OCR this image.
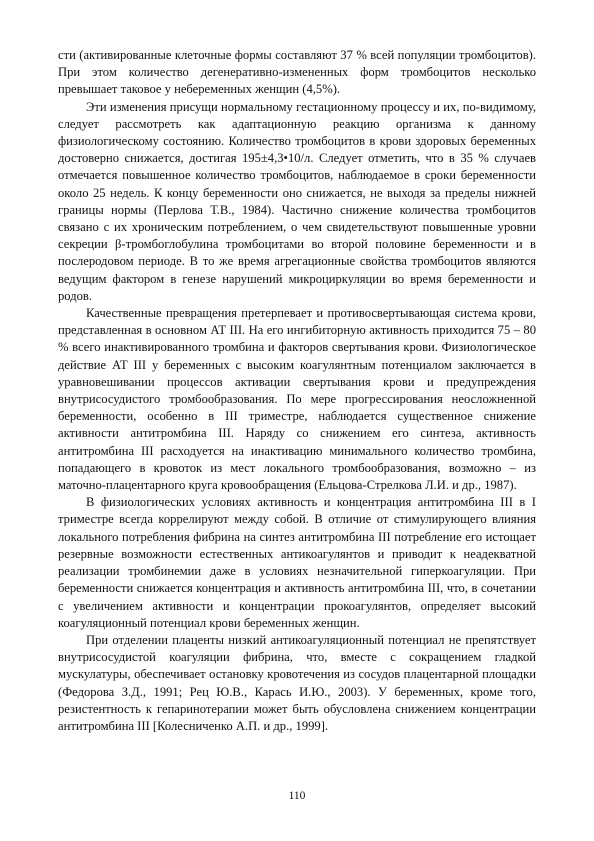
сти (активированные клеточные формы составляют 37 % всей популяции тромбоцитов). При этом количество дегенеративно-измененных форм тромбоцитов несколько превышает таковое у небеременных женщин (4,5%).

Эти изменения присущи нормальному гестационному процессу и их, по-видимому, следует рассмотреть как адаптационную реакцию организма к данному физиологическому состоянию. Количество тромбоцитов в крови здоровых беременных достоверно снижается, достигая 195±4,3•10/л. Следует отметить, что в 35 % случаев отмечается повышенное количество тромбоцитов, наблюдаемое в сроки беременности около 25 недель. К концу беременности оно снижается, не выходя за пределы нижней границы нормы (Перлова Т.В., 1984). Частично снижение количества тромбоцитов связано с их хроническим потреблением, о чем свидетельствуют повышенные уровни секреции β-тромбоглобулина тромбоцитами во второй половине беременности и в послеродовом периоде. В то же время агрегационные свойства тромбоцитов являются ведущим фактором в генезе нарушений микроциркуляции во время беременности и родов.

Качественные превращения претерпевает и противосвертывающая система крови, представленная в основном АТ III. На его ингибиторную активность приходится 75 – 80 % всего инактивированного тромбина и факторов свертывания крови. Физиологическое действие АТ III у беременных с высоким коагулянтным потенциалом заключается в уравновешивании процессов активации свертывания крови и предупреждения внутрисосудистого тромбообразования. По мере прогрессирования неосложненной беременности, особенно в III триместре, наблюдается существенное снижение активности антитромбина III. Наряду со снижением его синтеза, активность антитромбина III расходуется на инактивацию минимального количество тромбина, попадающего в кровоток из мест локального тромбообразования, возможно – из маточно-плацентарного круга кровообращения (Ельцова-Стрелкова Л.И. и др., 1987).

В физиологических условиях активность и концентрация антитромбина III в I триместре всегда коррелируют между собой. В отличие от стимулирующего влияния локального потребления фибрина на синтез антитромбина III потребление его истощает резервные возможности естественных антикоагулянтов и приводит к неадекватной реализации тромбинемии даже в условиях незначительной гиперкоагуляции. При беременности снижается концентрация и активность антитромбина III, что, в сочетании с увеличением активности и концентрации прокоагулянтов, определяет высокий коагуляционный потенциал крови беременных женщин.

При отделении плаценты низкий антикоагуляционный потенциал не препятствует внутрисосудистой коагуляции фибрина, что, вместе с сокращением гладкой мускулатуры, обеспечивает остановку кровотечения из сосудов плацентарной площадки (Федорова З.Д., 1991; Рец Ю.В., Карась И.Ю., 2003). У беременных, кроме того, резистентность к гепаринотерапии может быть обусловлена снижением концентрации антитромбина III [Колесниченко А.П. и др., 1999].

110
